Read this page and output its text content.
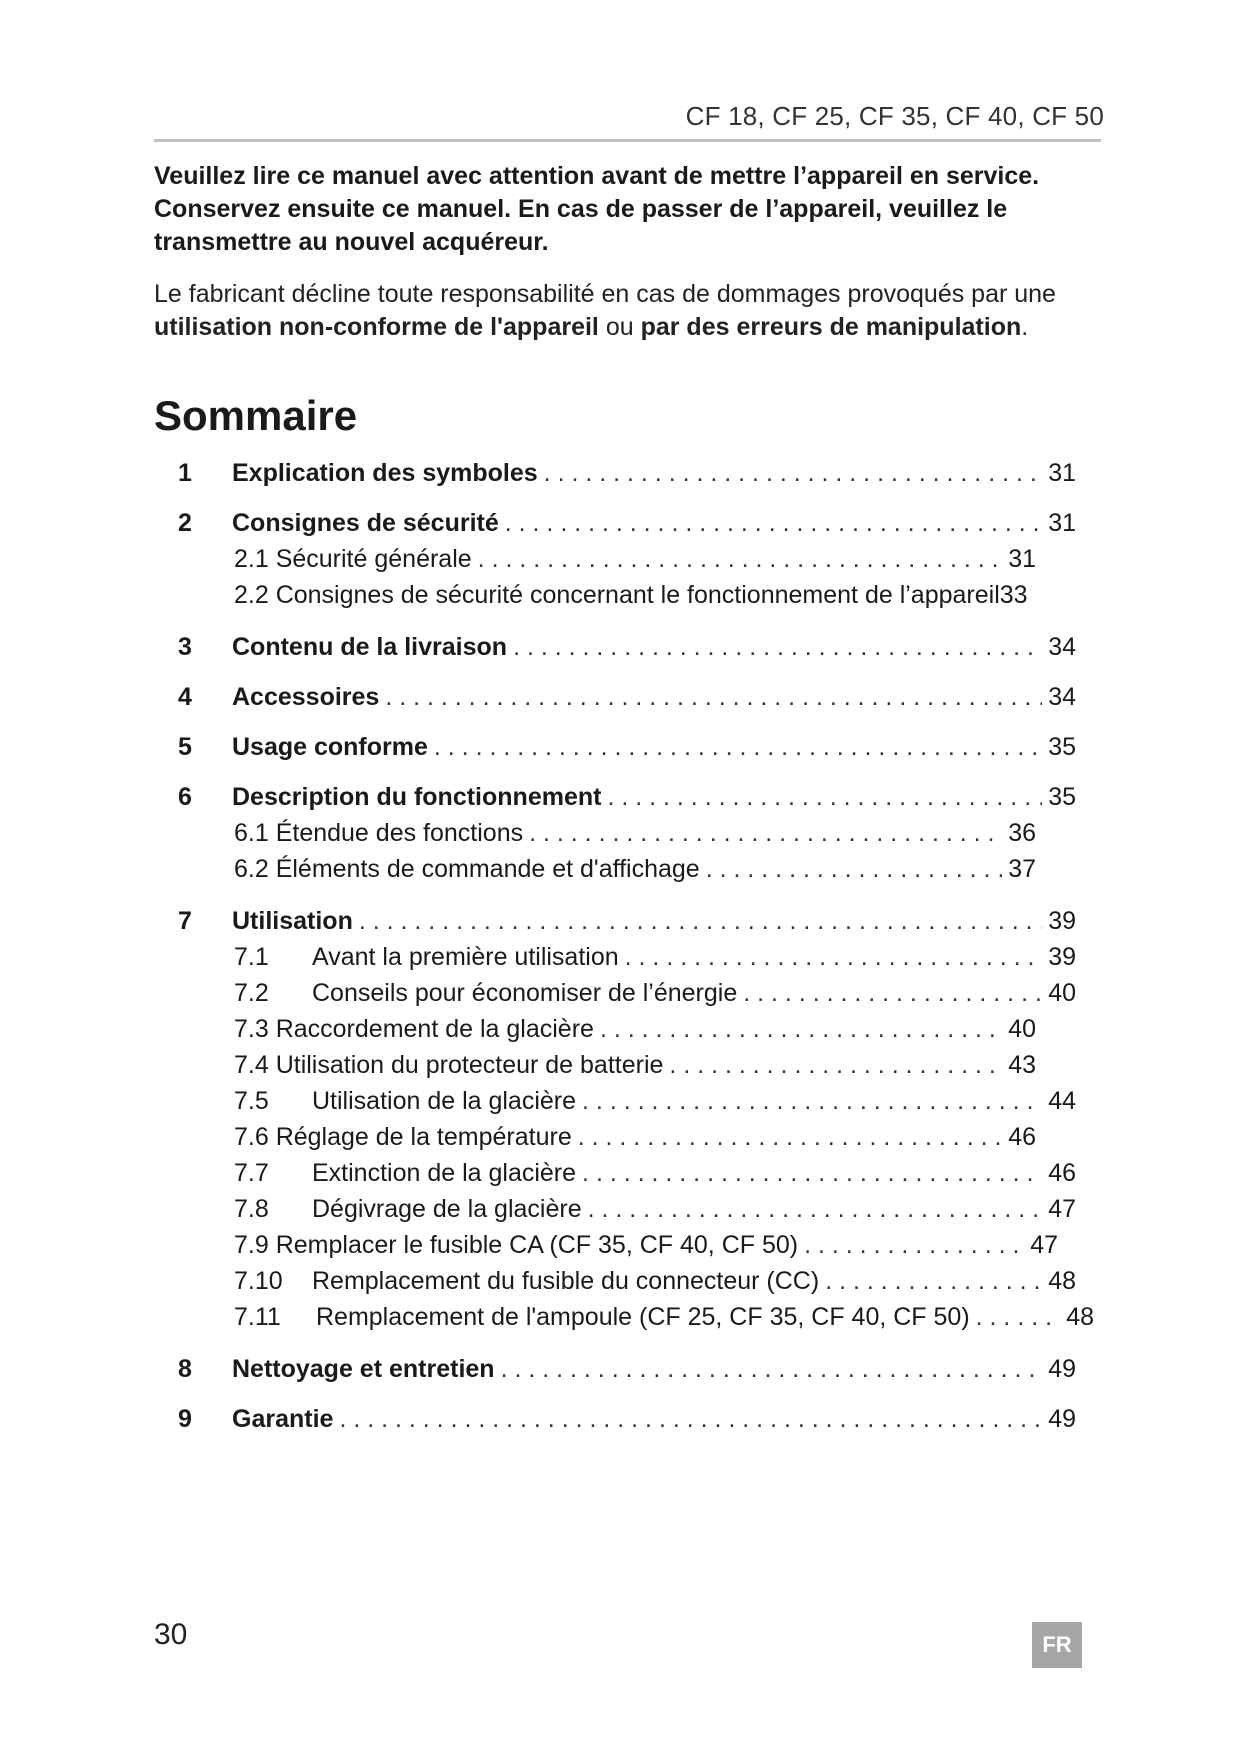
CF 18, CF 25, CF 35, CF 40, CF 50

Veuillez lire ce manuel avec attention avant de mettre l’appareil en service. Conservez ensuite ce manuel. En cas de passer de l’appareil, veuillez le transmettre au nouvel acquéreur.

Le fabricant décline toute responsabilité en cas de dommages provoqués par une utilisation non-conforme de l'appareil ou par des erreurs de manipulation.

Sommaire
1	Explication des symboles . . .	31
2	Consignes de sécurité . . .	31
2.1 Sécurité générale . . .	31
2.2 Consignes de sécurité concernant le fonctionnement de l’appareil 33
3	Contenu de la livraison . . .	34
4	Accessoires . . .	34
5	Usage conforme . . .	35
6	Description du fonctionnement . . .	35
6.1 Étendue des fonctions . . .	36
6.2 Éléments de commande et d'affichage . . .	37
7	Utilisation . . .	39
7.1 Avant la première utilisation . . .	39
7.2 Conseils pour économiser de l’énergie . . .	40
7.3 Raccordement de la glacière . . .	40
7.4 Utilisation du protecteur de batterie . . .	43
7.5 Utilisation de la glacière . . .	44
7.6 Réglage de la température . . .	46
7.7 Extinction de la glacière . . .	46
7.8 Dégivrage de la glacière . . .	47
7.9 Remplacer le fusible CA (CF 35, CF 40, CF 50) . . .	47
7.10 Remplacement du fusible du connecteur (CC) . . .	48
7.11 Remplacement de l'ampoule (CF 25, CF 35, CF 40, CF 50) . . .	48
8	Nettoyage et entretien . . .	49
9	Garantie . . .	49
30	FR
